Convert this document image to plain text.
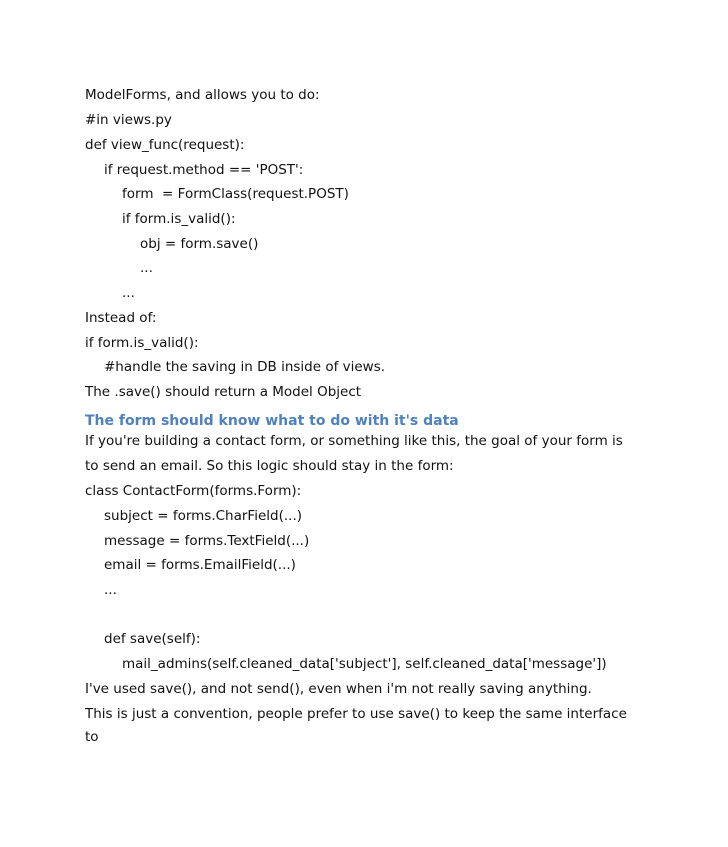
ModelForms, and allows you to do:
#in views.py
def view_func(request):
if request.method == 'POST':
form  = FormClass(request.POST)
if form.is_valid():
obj = form.save()
...
...
Instead of:
if form.is_valid():
#handle the saving in DB inside of views.
The .save() should return a Model Object
The form should know what to do with it's data
If you're building a contact form, or something like this, the goal of your form is
to send an email. So this logic should stay in the form:
class ContactForm(forms.Form):
subject = forms.CharField(...)
message = forms.TextField(...)
email = forms.EmailField(...)
...
def save(self):
mail_admins(self.cleaned_data['subject'], self.cleaned_data['message'])
I've used save(), and not send(), even when i'm not really saving anything.
This is just a convention, people prefer to use save() to keep the same interface
to
